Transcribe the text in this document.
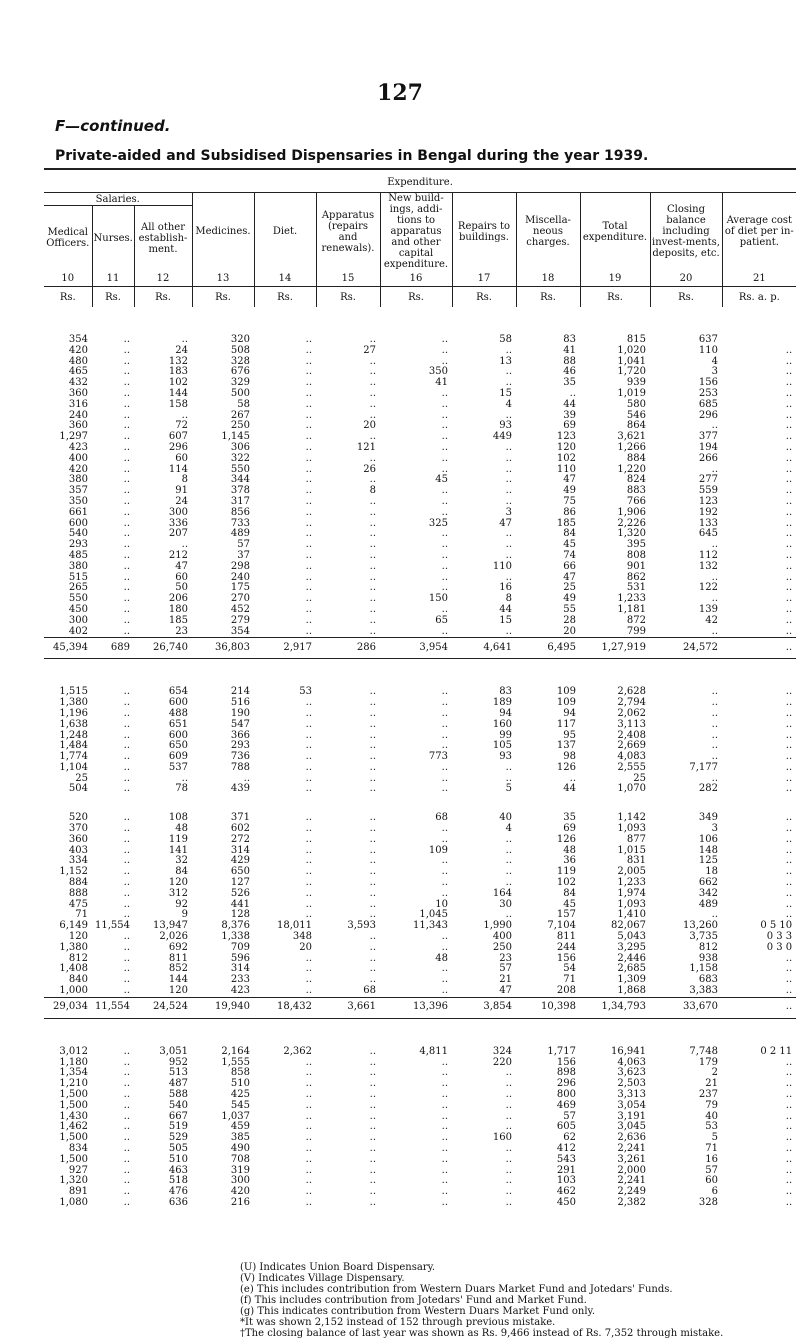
127
F—continued.
Private-aided and Subsidised Dispensaries in Bengal during the year 1939.
Expenditure.											
Salaries.			Medicines.	Diet.	Apparatus (repairs and renewals).	New build-ings, addi-tions to apparatus and other capital expenditure.	Repairs to buildings.	Miscella-neous charges.	Total expenditure.	Closing balance including invest-ments, deposits, etc.	Average cost of diet per in-patient.
Medical Officers.	Nurses.	All other establish-ment.									
10	11	12	13	14	15	16	17	18	19	20	21
Rs.	Rs.	Rs.	Rs.	Rs.	Rs.	Rs.	Rs.	Rs.	Rs.	Rs.	Rs. a. p.

354	..	..	320	..	..	..	58	83	815	637	
420	..	24	508	..	27	..	..	41	1,020	110	..
480	..	132	328	..	..	..	13	88	1,041	4	..
465	..	183	676	..	..	350	..	46	1,720	3	..
432	..	102	329	..	..	41	..	35	939	156	..
360	..	144	500	..	..	..	15	..	1,019	253	..
316	..	158	58	..	..	..	4	44	580	685	..
240	..	..	267	..	..	..	..	39	546	296	..
360	..	72	250	..	20	..	93	69	864	..	..
1,297	..	607	1,145	..	..	..	449	123	3,621	377	..
423	..	296	306	..	121	..	..	120	1,266	194	..
400	..	60	322	..	..	..	..	102	884	266	..
420	..	114	550	..	26	..	..	110	1,220	..	..
380	..	8	344	..	..	45	..	47	824	277	..
357	..	91	378	..	8	..	..	49	883	559	..
350	..	24	317	..	..	..	..	75	766	123	..
661	..	300	856	..	..	..	3	86	1,906	192	..
600	..	336	733	..	..	325	47	185	2,226	133	..
540	..	207	489	..	..	..	..	84	1,320	645	..
293	..	..	57	..	..	..	..	45	395	..	..
485	..	212	37	..	..	..	..	74	808	112	..
380	..	47	298	..	..	..	110	66	901	132	..
515	..	60	240	..	..	..	..	47	862	..	..
265	..	50	175	..	..	..	16	25	531	122	..
550	..	206	270	..	..	150	8	49	1,233	..	..
450	..	180	452	..	..	..	44	55	1,181	139	..
300	..	185	279	..	..	65	15	28	872	42	..
402	..	23	354	..	..	..	..	20	799	..	..
45,394	689	26,740	36,803	2,917	286	3,954	4,641	6,495	1,27,919	24,572	..

1,515	..	654	214	53	..	..	83	109	2,628	..	..
1,380	..	600	516	..	..	..	189	109	2,794	..	..
1,196	..	488	190	..	..	..	94	94	2,062	..	..
1,638	..	651	547	..	..	..	160	117	3,113	..	..
1,248	..	600	366	..	..	..	99	95	2,408	..	..
1,484	..	650	293	..	..	..	105	137	2,669	..	..
1,774	..	609	736	..	..	773	93	98	4,083	..	..
1,104	..	537	788	..	..	..	..	126	2,555	7,177	..
25	..	..	..	..	..	..	..	..	25	..	..
504	..	78	439	..	..	..	5	44	1,070	282	..

520	..	108	371	..	..	68	40	35	1,142	349	..
370	..	48	602	..	..	..	4	69	1,093	3	..
360	..	119	272	..	..	..	..	126	877	106	..
403	..	141	314	..	..	109	..	48	1,015	148	..
334	..	32	429	..	..	..	..	36	831	125	..
1,152	..	84	650	..	..	..	..	119	2,005	18	..
884	..	120	127	..	..	..	..	102	1,233	662	..
888	..	312	526	..	..	..	164	84	1,974	342	..
475	..	92	441	..	..	10	30	45	1,093	489	..
71	..	9	128	..	..	1,045	..	157	1,410	..	..
6,149	11,554	13,947	8,376	18,011	3,593	11,343	1,990	7,104	82,067	13,260	0 5 10
120	..	2,026	1,338	348	..	..	400	811	5,043	3,735	0 3 3
1,380	..	692	709	20	..	..	250	244	3,295	812	0 3 0
812	..	811	596	..	..	48	23	156	2,446	938	..
1,408	..	852	314	..	..	..	57	54	2,685	1,158	..
840	..	144	233	..	..	..	21	71	1,309	683	..
1,000	..	120	423	..	68	..	47	208	1,868	3,383	..
29,034	11,554	24,524	19,940	18,432	3,661	13,396	3,854	10,398	1,34,793	33,670	..

3,012	..	3,051	2,164	2,362	..	4,811	324	1,717	16,941	7,748	0 2 11
1,180	..	952	1,555	..	..	..	220	156	4,063	179	..
1,354	..	513	858	..	..	..	..	898	3,623	2	..
1,210	..	487	510	..	..	..	..	296	2,503	21	..
1,500	..	588	425	..	..	..	..	800	3,313	237	..
1,500	..	540	545	..	..	..	..	469	3,054	79	..
1,430	..	667	1,037	..	..	..	..	57	3,191	40	..
1,462	..	519	459	..	..	..	..	605	3,045	53	..
1,500	..	529	385	..	..	..	160	62	2,636	5	..
834	..	505	490	..	..	..	..	412	2,241	71	..
1,500	..	510	708	..	..	..	..	543	3,261	16	..
927	..	463	319	..	..	..	..	291	2,000	57	..
1,320	..	518	300	..	..	..	..	103	2,241	60	..
891	..	476	420	..	..	..	..	462	2,249	6	..
1,080	..	636	216	..	..	..	..	450	2,382	328	..
(U) Indicates Union Board Dispensary.
(V) Indicates Village Dispensary.
(e) This includes contribution from Western Duars Market Fund and Jotedars' Funds.
(f) This includes contribution from Jotedars' Fund and Market Fund.
(g) This indicates contribution from Western Duars Market Fund only.
*It was shown 2,152 instead of 152 through previous mistake.
†The closing balance of last year was shown as Rs. 9,466 instead of Rs. 7,352 through mistake.
